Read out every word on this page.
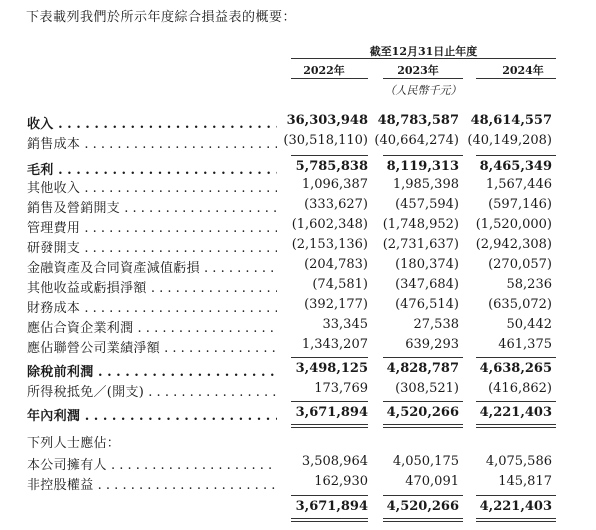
下表載列我們於所示年度綜合損益表的概要：
截至12月31日止年度
2022年	2023年	2024年
（人民幣千元）
收入 . . .	36,303,948 48,783,587 48,614,557
銷售成本 . . .	(30,518,110) (40,664,274) (40,149,208)
毛利 . . .	5,785,838	8,119,313	8,465,349
其他收入 . . .	1,096,387	1,985,398	1,567,446
銷售及營銷開支 . . .	(333,627)	(457,594)	(597,146)
管理費用 . . .	(1,602,348)	(1,748,952)	(1,520,000)
研發開支 . . .	(2,153,136)	(2,731,637)	(2,942,308)
金融資產及合同資產減值虧損 . . .	(204,783)	(180,374)	(270,057)
其他收益或虧損淨額 . . .	(74,581)	(347,684)	58,236
財務成本 . . .	(392,177)	(476,514)	(635,072)
應佔合資企業利潤 . . .	33,345	27,538	50,442
應佔聯營公司業績淨額 . . .	1,343,207	639,293	461,375
除稅前利潤 . . .	3,498,125	4,828,787	4,638,265
所得稅抵免／(開支) . . .	173,769	(308,521)	(416,862)
年內利潤 . . .	3,671,894	4,520,266	4,221,403
下列人士應佔：
本公司擁有人 . . .	3,508,964	4,050,175	4,075,586
非控股權益 . . .	162,930	470,091	145,817
3,671,894	4,520,266	4,221,403
